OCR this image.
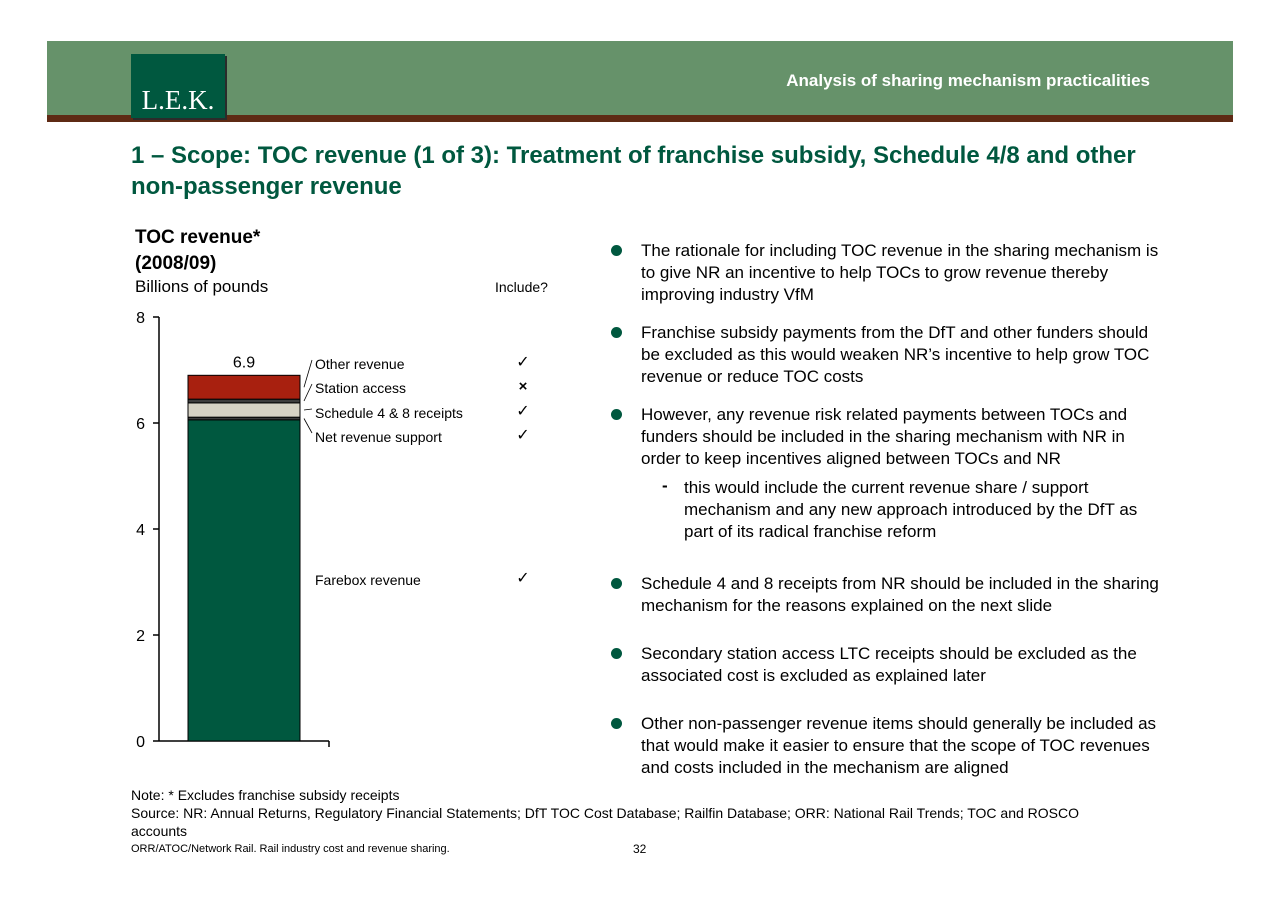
L.E.K.
Analysis of sharing mechanism practicalities
1 – Scope: TOC revenue (1 of 3): Treatment of franchise subsidy, Schedule 4/8 and other non-passenger revenue
TOC revenue*
(2008/09)
Billions of pounds	Include?
0
2
4
6
8
6.9
Farebox revenue	✓
Net revenue support	✓
Schedule 4 & 8 receipts	✓
Station access	×
Other revenue	✓
The rationale for including TOC revenue in the sharing mechanism is to give NR an incentive to help TOCs to grow revenue thereby improving industry VfM
Franchise subsidy payments from the DfT and other funders should be excluded as this would weaken NR’s incentive to help grow TOC revenue or reduce TOC costs
However, any revenue risk related payments between TOCs and funders should be included in the sharing mechanism with NR in order to keep incentives aligned between TOCs and NR
- this would include the current revenue share / support mechanism and any new approach introduced by the DfT as part of its radical franchise reform
Schedule 4 and 8 receipts from NR should be included in the sharing mechanism for the reasons explained on the next slide
Secondary station access LTC receipts should be excluded as the associated cost is excluded as explained later
Other non-passenger revenue items should generally be included as that would make it easier to ensure that the scope of TOC revenues and costs included in the mechanism are aligned
Note: * Excludes franchise subsidy receipts
Source: NR: Annual Returns, Regulatory Financial Statements; DfT TOC Cost Database; Railfin Database; ORR: National Rail Trends; TOC and ROSCO accounts
ORR/ATOC/Network Rail. Rail industry cost and revenue sharing.	32
